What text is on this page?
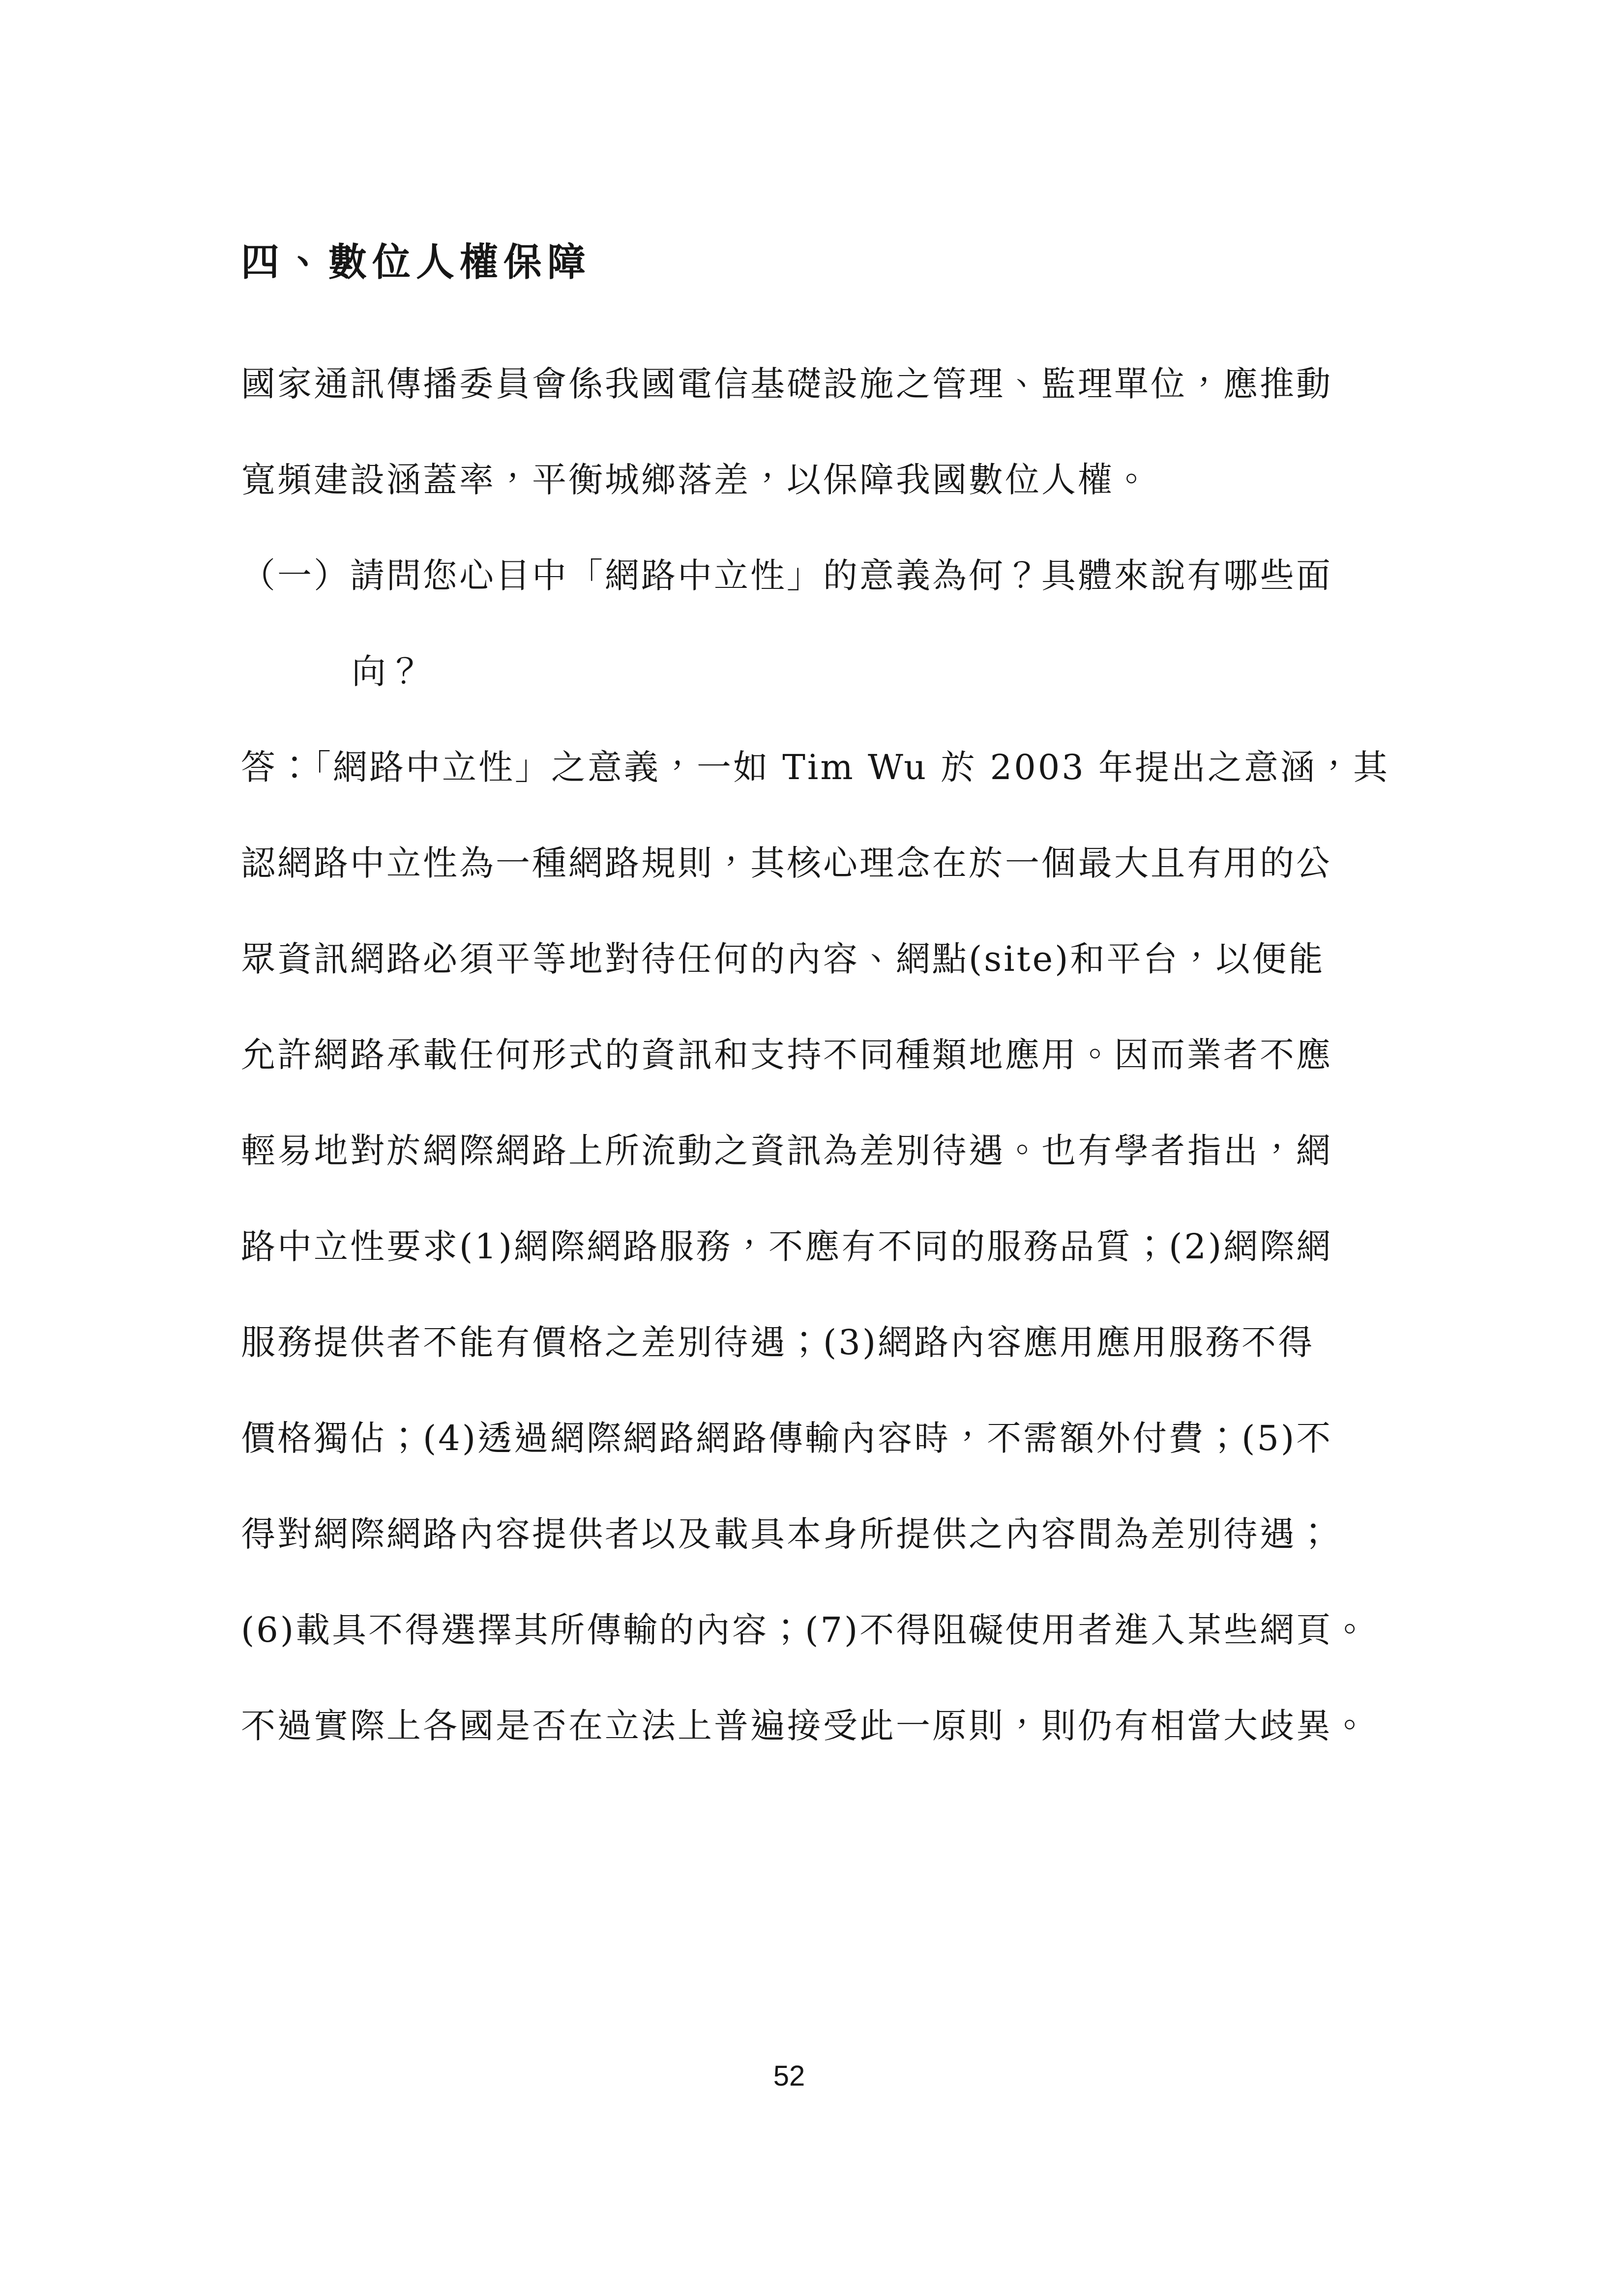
四、數位人權保障
國家通訊傳播委員會係我國電信基礎設施之管理、監理單位，應推動
寬頻建設涵蓋率，平衡城鄉落差，以保障我國數位人權。
（一）請問您心目中「網路中立性」的意義為何？具體來說有哪些面
向？
答：「網路中立性」之意義，一如 Tim Wu 於 2003 年提出之意涵，其
認網路中立性為一種網路規則，其核心理念在於一個最大且有用的公
眾資訊網路必須平等地對待任何的內容、網點(site)和平台，以便能
允許網路承載任何形式的資訊和支持不同種類地應用。因而業者不應
輕易地對於網際網路上所流動之資訊為差別待遇。也有學者指出，網
路中立性要求(1)網際網路服務，不應有不同的服務品質；(2)網際網
服務提供者不能有價格之差別待遇；(3)網路內容應用應用服務不得
價格獨佔；(4)透過網際網路網路傳輸內容時，不需額外付費；(5)不
得對網際網路內容提供者以及載具本身所提供之內容間為差別待遇；
(6)載具不得選擇其所傳輸的內容；(7)不得阻礙使用者進入某些網頁。
不過實際上各國是否在立法上普遍接受此一原則，則仍有相當大歧異。
52
